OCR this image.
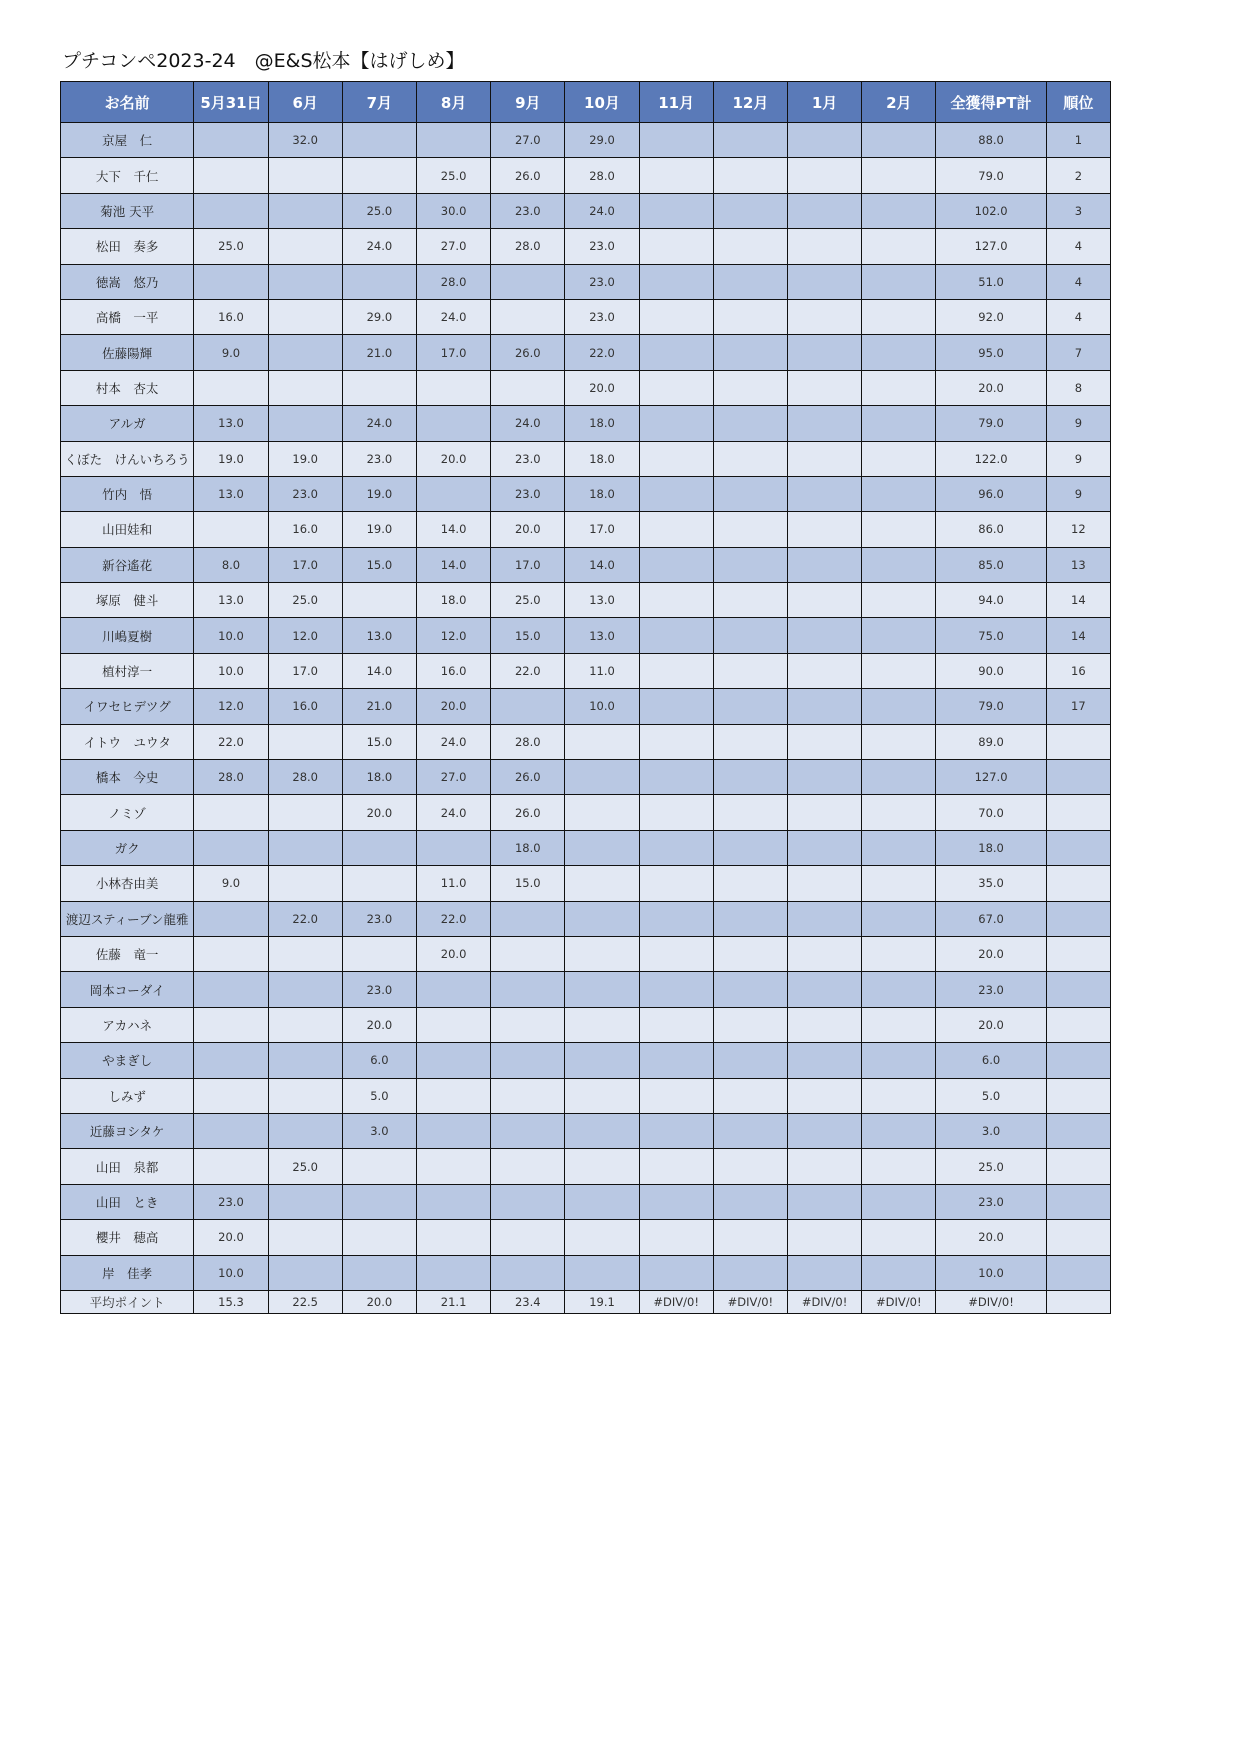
プチコンペ2023-24　@E&S松本【はげしめ】
お名前	5月31日	6月	7月	8月	9月	10月	11月	12月	1月	2月	全獲得PT計	順位
京屋　仁		32.0			27.0	29.0					88.0	1
大下　千仁				25.0	26.0	28.0					79.0	2
菊池 天平			25.0	30.0	23.0	24.0					102.0	3
松田　奏多	25.0		24.0	27.0	28.0	23.0					127.0	4
徳嵩　悠乃				28.0		23.0					51.0	4
高橋　一平	16.0		29.0	24.0		23.0					92.0	4
佐藤陽輝	9.0		21.0	17.0	26.0	22.0					95.0	7
村本　杏太						20.0					20.0	8
アルガ	13.0		24.0		24.0	18.0					79.0	9
くぼた　けんいちろう	19.0	19.0	23.0	20.0	23.0	18.0					122.0	9
竹内　悟	13.0	23.0	19.0		23.0	18.0					96.0	9
山田娃和		16.0	19.0	14.0	20.0	17.0					86.0	12
新谷遙花	8.0	17.0	15.0	14.0	17.0	14.0					85.0	13
塚原　健斗	13.0	25.0		18.0	25.0	13.0					94.0	14
川嶋夏樹	10.0	12.0	13.0	12.0	15.0	13.0					75.0	14
植村淳一	10.0	17.0	14.0	16.0	22.0	11.0					90.0	16
イワセヒデツグ	12.0	16.0	21.0	20.0		10.0					79.0	17
イトウ　ユウタ	22.0		15.0	24.0	28.0						89.0	
橋本　今史	28.0	28.0	18.0	27.0	26.0						127.0	
ノミゾ			20.0	24.0	26.0						70.0	
ガク					18.0						18.0	
小林杏由美	9.0			11.0	15.0						35.0	
渡辺スティーブン龍雅		22.0	23.0	22.0							67.0	
佐藤　竜一				20.0							20.0	
岡本コーダイ			23.0								23.0	
アカハネ			20.0								20.0	
やまぎし			6.0								6.0	
しみず			5.0								5.0	
近藤ヨシタケ			3.0								3.0	
山田　泉都		25.0									25.0	
山田　とき	23.0										23.0	
櫻井　穂高	20.0										20.0	
岸　佳孝	10.0										10.0	
平均ポイント	15.3	22.5	20.0	21.1	23.4	19.1	#DIV/0!	#DIV/0!	#DIV/0!	#DIV/0!	#DIV/0!	
